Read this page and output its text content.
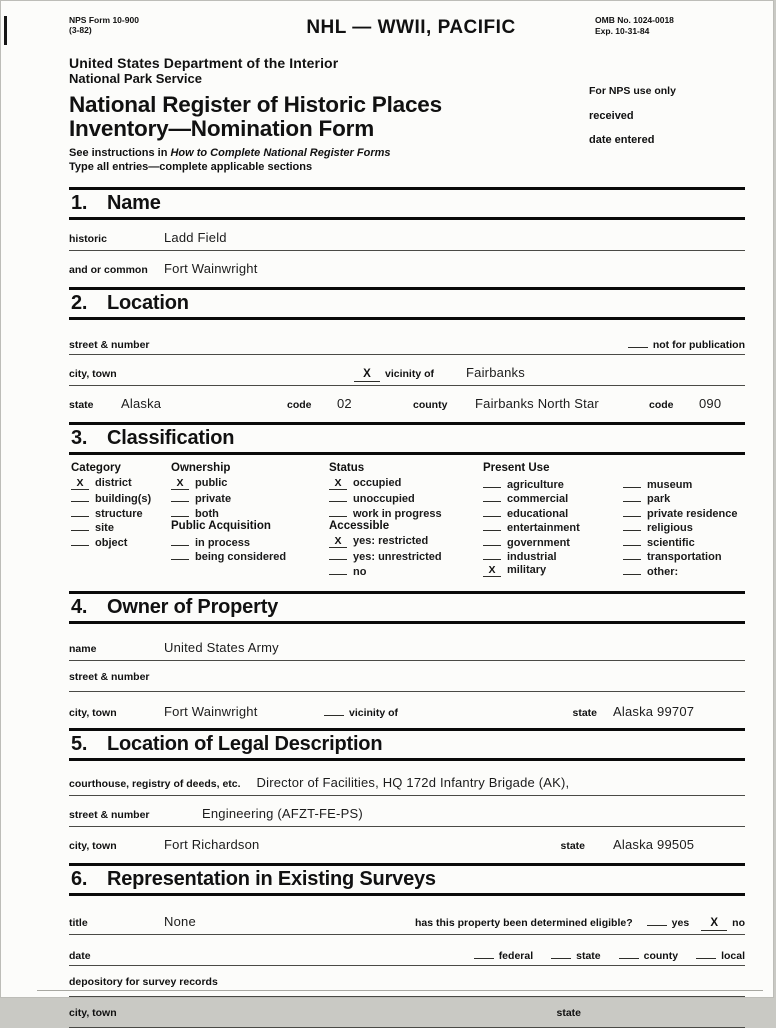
NPS Form 10-900
(3-82)	NHL — WWII, PACIFIC	OMB No. 1024-0018
Exp. 10-31-84
United States Department of the Interior
National Park Service
For NPS use only
received
date entered
National Register of Historic Places
Inventory—Nomination Form
See instructions in How to Complete National Register Forms
Type all entries—complete applicable sections
1. Name
historic	Ladd Field
and or common	Fort Wainwright
2. Location
street & number	not for publication
city, town	X	vicinity of Fairbanks
state	Alaska	code	02	county	Fairbanks North Star	code	090
3. Classification
Category
X	district
building(s)
structure
site
object
Ownership
X	public
private
both
Public Acquisition
in process
being considered
Status
X	occupied
unoccupied
work in progress
Accessible
X	yes: restricted
yes: unrestricted
no
Present Use
agriculture
commercial
educational
entertainment
government
industrial
X	military
museum
park
private residence
religious
scientific
transportation
other:
4. Owner of Property
name	United States Army
street & number
city, town	Fort Wainwright	vicinity of	state Alaska 99707
5. Location of Legal Description
courthouse, registry of deeds, etc. Director of Facilities, HQ 172d Infantry Brigade (AK),
street & number	Engineering (AFZT-FE-PS)
city, town	Fort Richardson	state Alaska 99505
6. Representation in Existing Surveys
title	None	has this property been determined eligible?	yes	X	no
date	federal	state	county	local
depository for survey records
city, town	state
